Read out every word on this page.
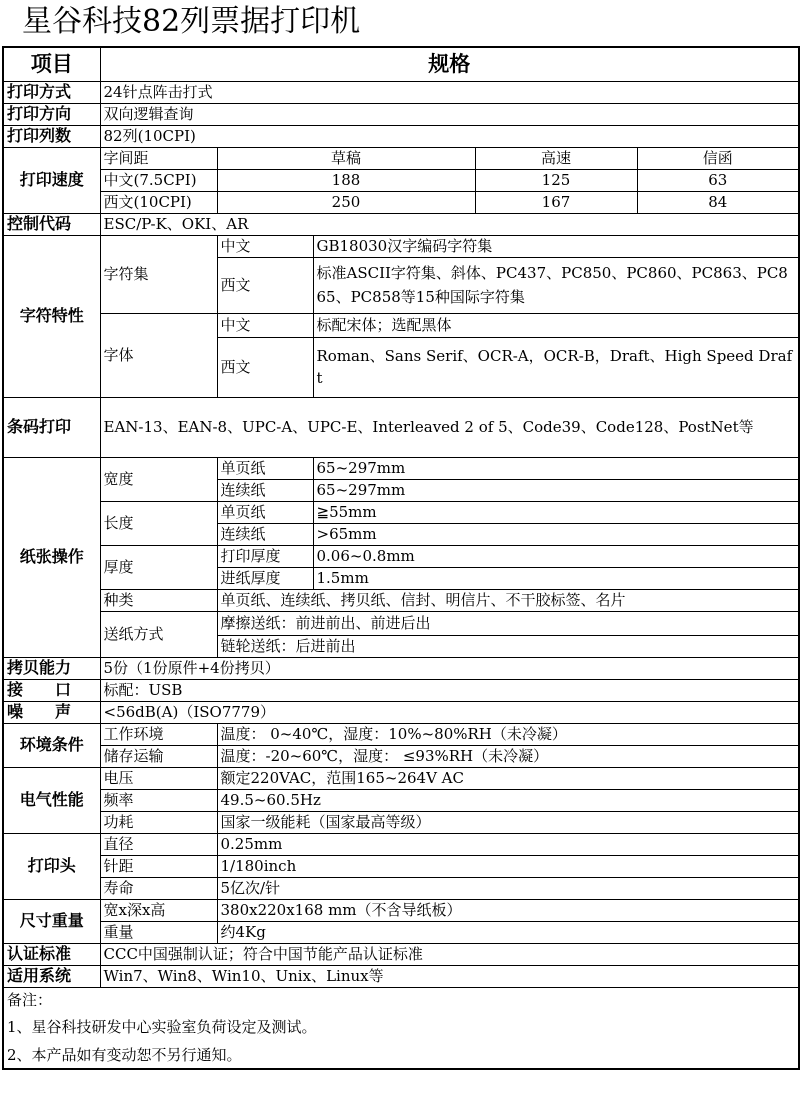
星谷科技82列票据打印机
项目	规格				
打印方式	24针点阵击打式				
打印方向	双向逻辑查询				
打印列数	82列(10CPI)				
打印速度	字间距	草稿		高速	信函
	中文(7.5CPI)	188		125	63
	西文(10CPI)	250		167	84
控制代码	ESC/P-K、OKI、AR				
字符特性	字符集	中文	GB18030汉字编码字符集		
		西文	标准ASCII字符集、斜体、PC437、PC850、PC860、PC863、PC865、PC858等15种国际字符集		
	字体	中文	标配宋体；选配黑体		
		西文	Roman、Sans Serif、OCR-A，OCR-B，Draft、High Speed Draft		
条码打印	EAN-13、EAN-8、UPC-A、UPC-E、Interleaved 2 of 5、Code39、Code128、PostNet等				
纸张操作	宽度	单页纸	65~297mm		
		连续纸	65~297mm		
	长度	单页纸	≧55mm		
		连续纸	>65mm		
	厚度	打印厚度	0.06~0.8mm		
		进纸厚度	1.5mm		
	种类	单页纸、连续纸、拷贝纸、信封、明信片、不干胶标签、名片			
	送纸方式	摩擦送纸：前进前出、前进后出			
		链轮送纸：后进前出			
拷贝能力	5份（1份原件+4份拷贝）				
接　　口	标配：USB				
噪　　声	<56dB(A)（ISO7779）				
环境条件	工作环境	温度： 0~40℃，湿度：10%~80%RH（未冷凝）			
	储存运输	温度：-20~60℃，湿度： ≤93%RH（未冷凝）			
电气性能	电压	额定220VAC，范围165~264V AC			
	频率	49.5~60.5Hz			
	功耗	国家一级能耗（国家最高等级）			
打印头	直径	0.25mm			
	针距	1/180inch			
	寿命	5亿次/针			
尺寸重量	宽x深x高	380x220x168 mm（不含导纸板）			
	重量	约4Kg			
认证标准	CCC中国强制认证；符合中国节能产品认证标准				
适用系统	Win7、Win8、Win10、Unix、Linux等				
备注：					
1、星谷科技研发中心实验室负荷设定及测试。					
2、本产品如有变动恕不另行通知。					
